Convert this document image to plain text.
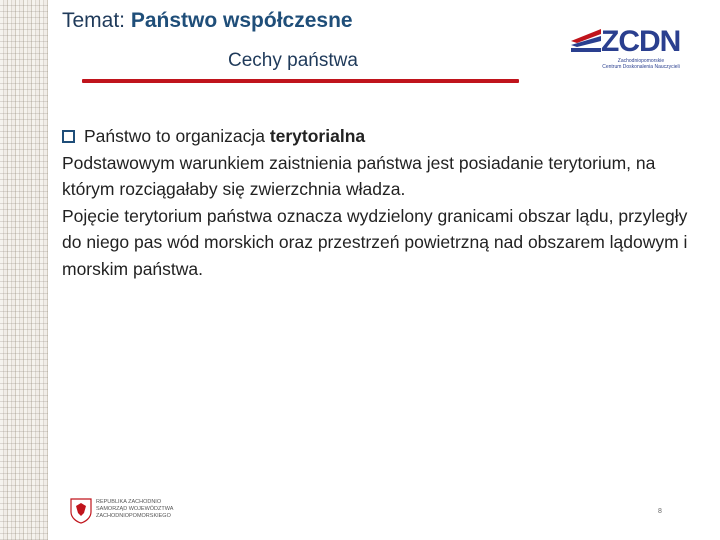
Temat: Państwo współczesne
Cechy państwa
ZCDN
Zachodniopomorskie
Centrum Doskonalenia Nauczycieli

Państwo to organizacja terytorialna

Podstawowym warunkiem zaistnienia państwa jest posiadanie terytorium, na którym rozciągałaby się zwierzchnia władza.

Pojęcie terytorium państwa oznacza wydzielony granicami obszar lądu, przyległy do niego pas wód morskich oraz przestrzeń powietrzną nad obszarem lądowym i morskim państwa.

REPUBLIKA ZACHODNIO
SAMORZĄD WOJEWÓDZTWA
ZACHODNIOPOMORSKIEGO
8
